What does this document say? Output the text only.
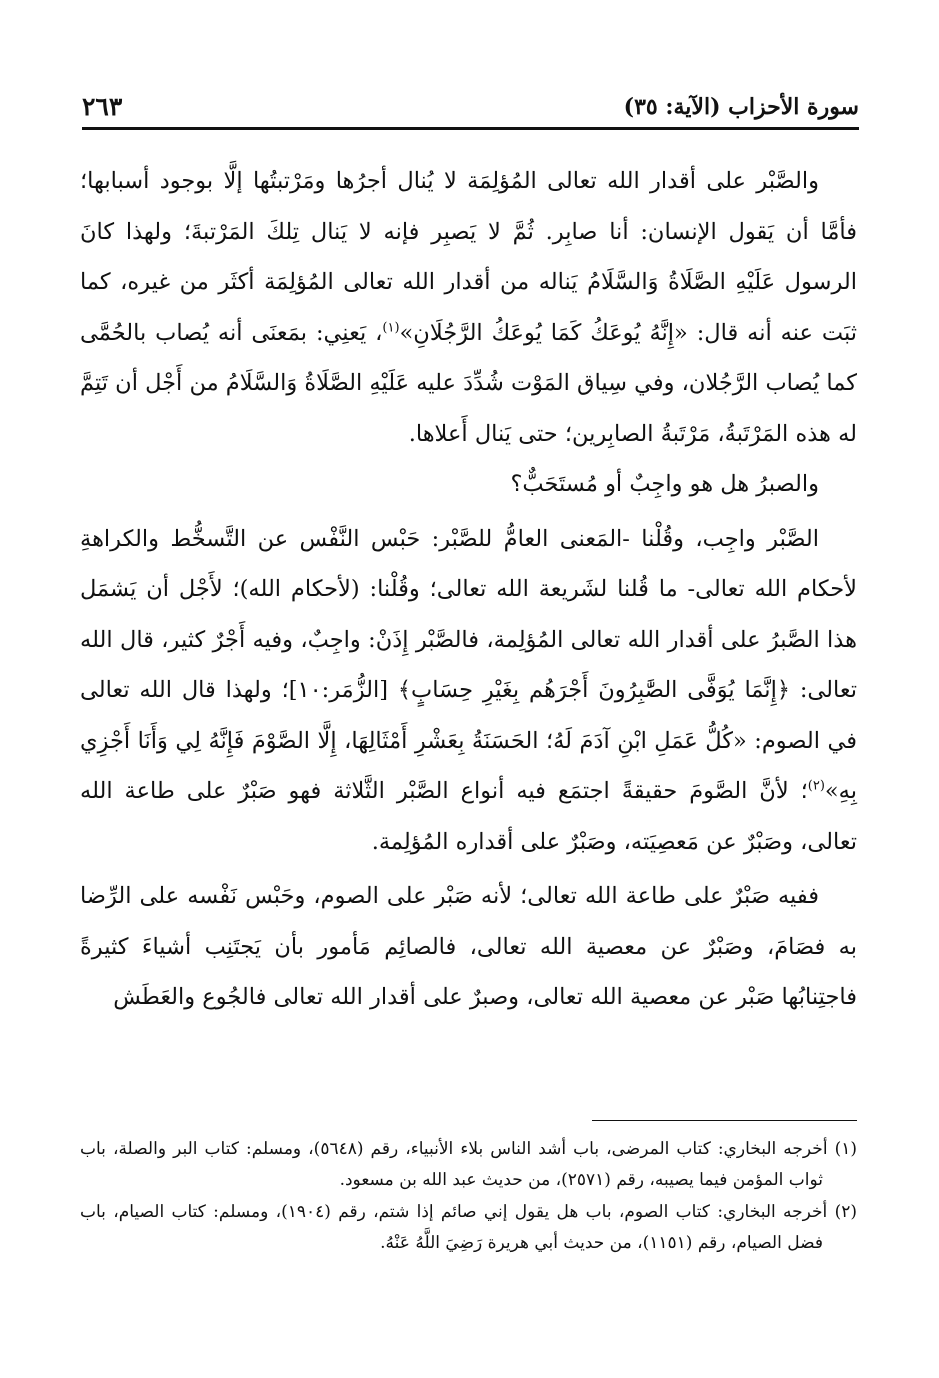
سورة الأحزاب (الآية: ٣٥)
٢٦٣

والصَّبْر على أقدار الله تعالى المُؤلِمَة لا يُنال أجرُها ومَرْتبتُها إلَّا بوجود أسبابها؛ فأمَّا أن يَقول الإنسان: أنا صابِر. ثُمَّ لا يَصبِر فإنه لا يَنال تِلكَ المَرْتبةَ؛ ولهذا كانَ الرسول عَلَيْهِ الصَّلَاةُ وَالسَّلَامُ يَناله من أقدار الله تعالى المُؤلِمَة أكثَر من غيره، كما ثبَت عنه أنه قال: «إِنَّهُ يُوعَكُ كَمَا يُوعَكُ الرَّجُلَانِ»$^{(١)}$، يَعنِي: بمَعنَى أنه يُصاب بالحُمَّى كما يُصاب الرَّجُلان، وفي سِياق المَوْت شُدِّدَ عليه عَلَيْهِ الصَّلَاةُ وَالسَّلَامُ من أَجْل أن تَتِمَّ له هذه المَرْتَبةُ، مَرْتَبةُ الصابِرين؛ حتى يَنال أَعلاها.

والصبرُ هل هو واجِبٌ أو مُستَحَبٌّ؟

الصَّبْر واجِب، وقُلْنا -المَعنى العامُّ للصَّبْر: حَبْس النَّفْس عن التَّسخُّط والكراهةِ لأحكام الله تعالى- ما قُلنا لشَريعة الله تعالى؛ وقُلْنا: (لأحكام الله)؛ لأَجْل أن يَشمَل هذا الصَّبرُ على أقدار الله تعالى المُؤلِمة، فالصَّبْر إِذَنْ: واجِبٌ، وفيه أَجْرٌ كثير، قال الله تعالى: ﴿إِنَّمَا يُوَفَّى الصَّٰبِرُونَ أَجْرَهُم بِغَيْرِ حِسَابٍ﴾ [الزُّمَر:١٠]؛ ولهذا قال الله تعالى في الصوم: «كُلُّ عَمَلِ ابْنِ آدَمَ لَهُ؛ الحَسَنَةُ بِعَشْرِ أَمْثَالِهَا، إِلَّا الصَّوْمَ فَإِنَّهُ لِي وَأَنَا أَجْزِي بِهِ»$^{(٢)}$؛ لأنَّ الصَّومَ حقيقةً اجتمَع فيه أنواع الصَّبْر الثَّلاثة فهو صَبْرٌ على طاعة الله تعالى، وصَبْرٌ عن مَعصِيَته، وصَبْرٌ على أقداره المُؤلِمة.

ففيه صَبْرٌ على طاعة الله تعالى؛ لأنه صَبْر على الصوم، وحَبْس نَفْسه على الرِّضا به فصَامَ، وصَبْرٌ عن معصية الله تعالى، فالصائِم مَأمور بأن يَجتَنِب أشياءَ كثيرةً فاجتِنابُها صَبْر عن معصية الله تعالى، وصبرٌ على أقدار الله تعالى فالجُوع والعَطَش

(١) أخرجه البخاري: كتاب المرضى، باب أشد الناس بلاء الأنبياء، رقم (٥٦٤٨)، ومسلم: كتاب البر والصلة، باب ثواب المؤمن فيما يصيبه، رقم (٢٥٧١)، من حديث عبد الله بن مسعود.

(٢) أخرجه البخاري: كتاب الصوم، باب هل يقول إني صائم إذا شتم، رقم (١٩٠٤)، ومسلم: كتاب الصيام، باب فضل الصيام، رقم (١١٥١)، من حديث أبي هريرة رَضِيَ اللَّهُ عَنْهُ.
